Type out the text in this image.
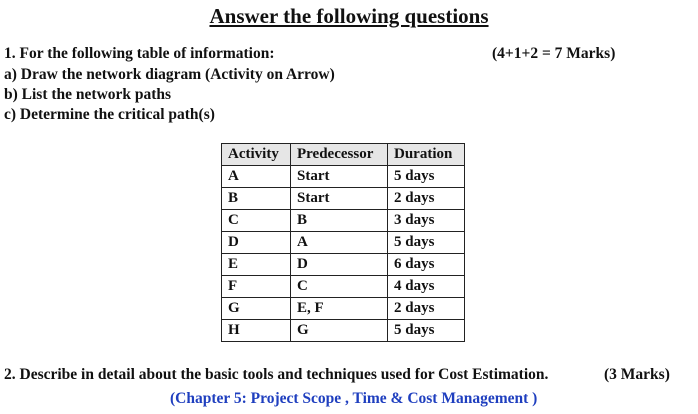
Answer the following questions
1. For the following table of information:	(4+1+2 = 7 Marks)
a) Draw the network diagram (Activity on Arrow)
b) List the network paths
c) Determine the critical path(s)
Activity	Predecessor	Duration
A	Start	5 days
B	Start	2 days
C	B	3 days
D	A	5 days
E	D	6 days
F	C	4 days
G	E, F	2 days
H	G	5 days
2. Describe in detail about the basic tools and techniques used for Cost Estimation.	(3 Marks)
(Chapter 5: Project Scope , Time & Cost Management )
